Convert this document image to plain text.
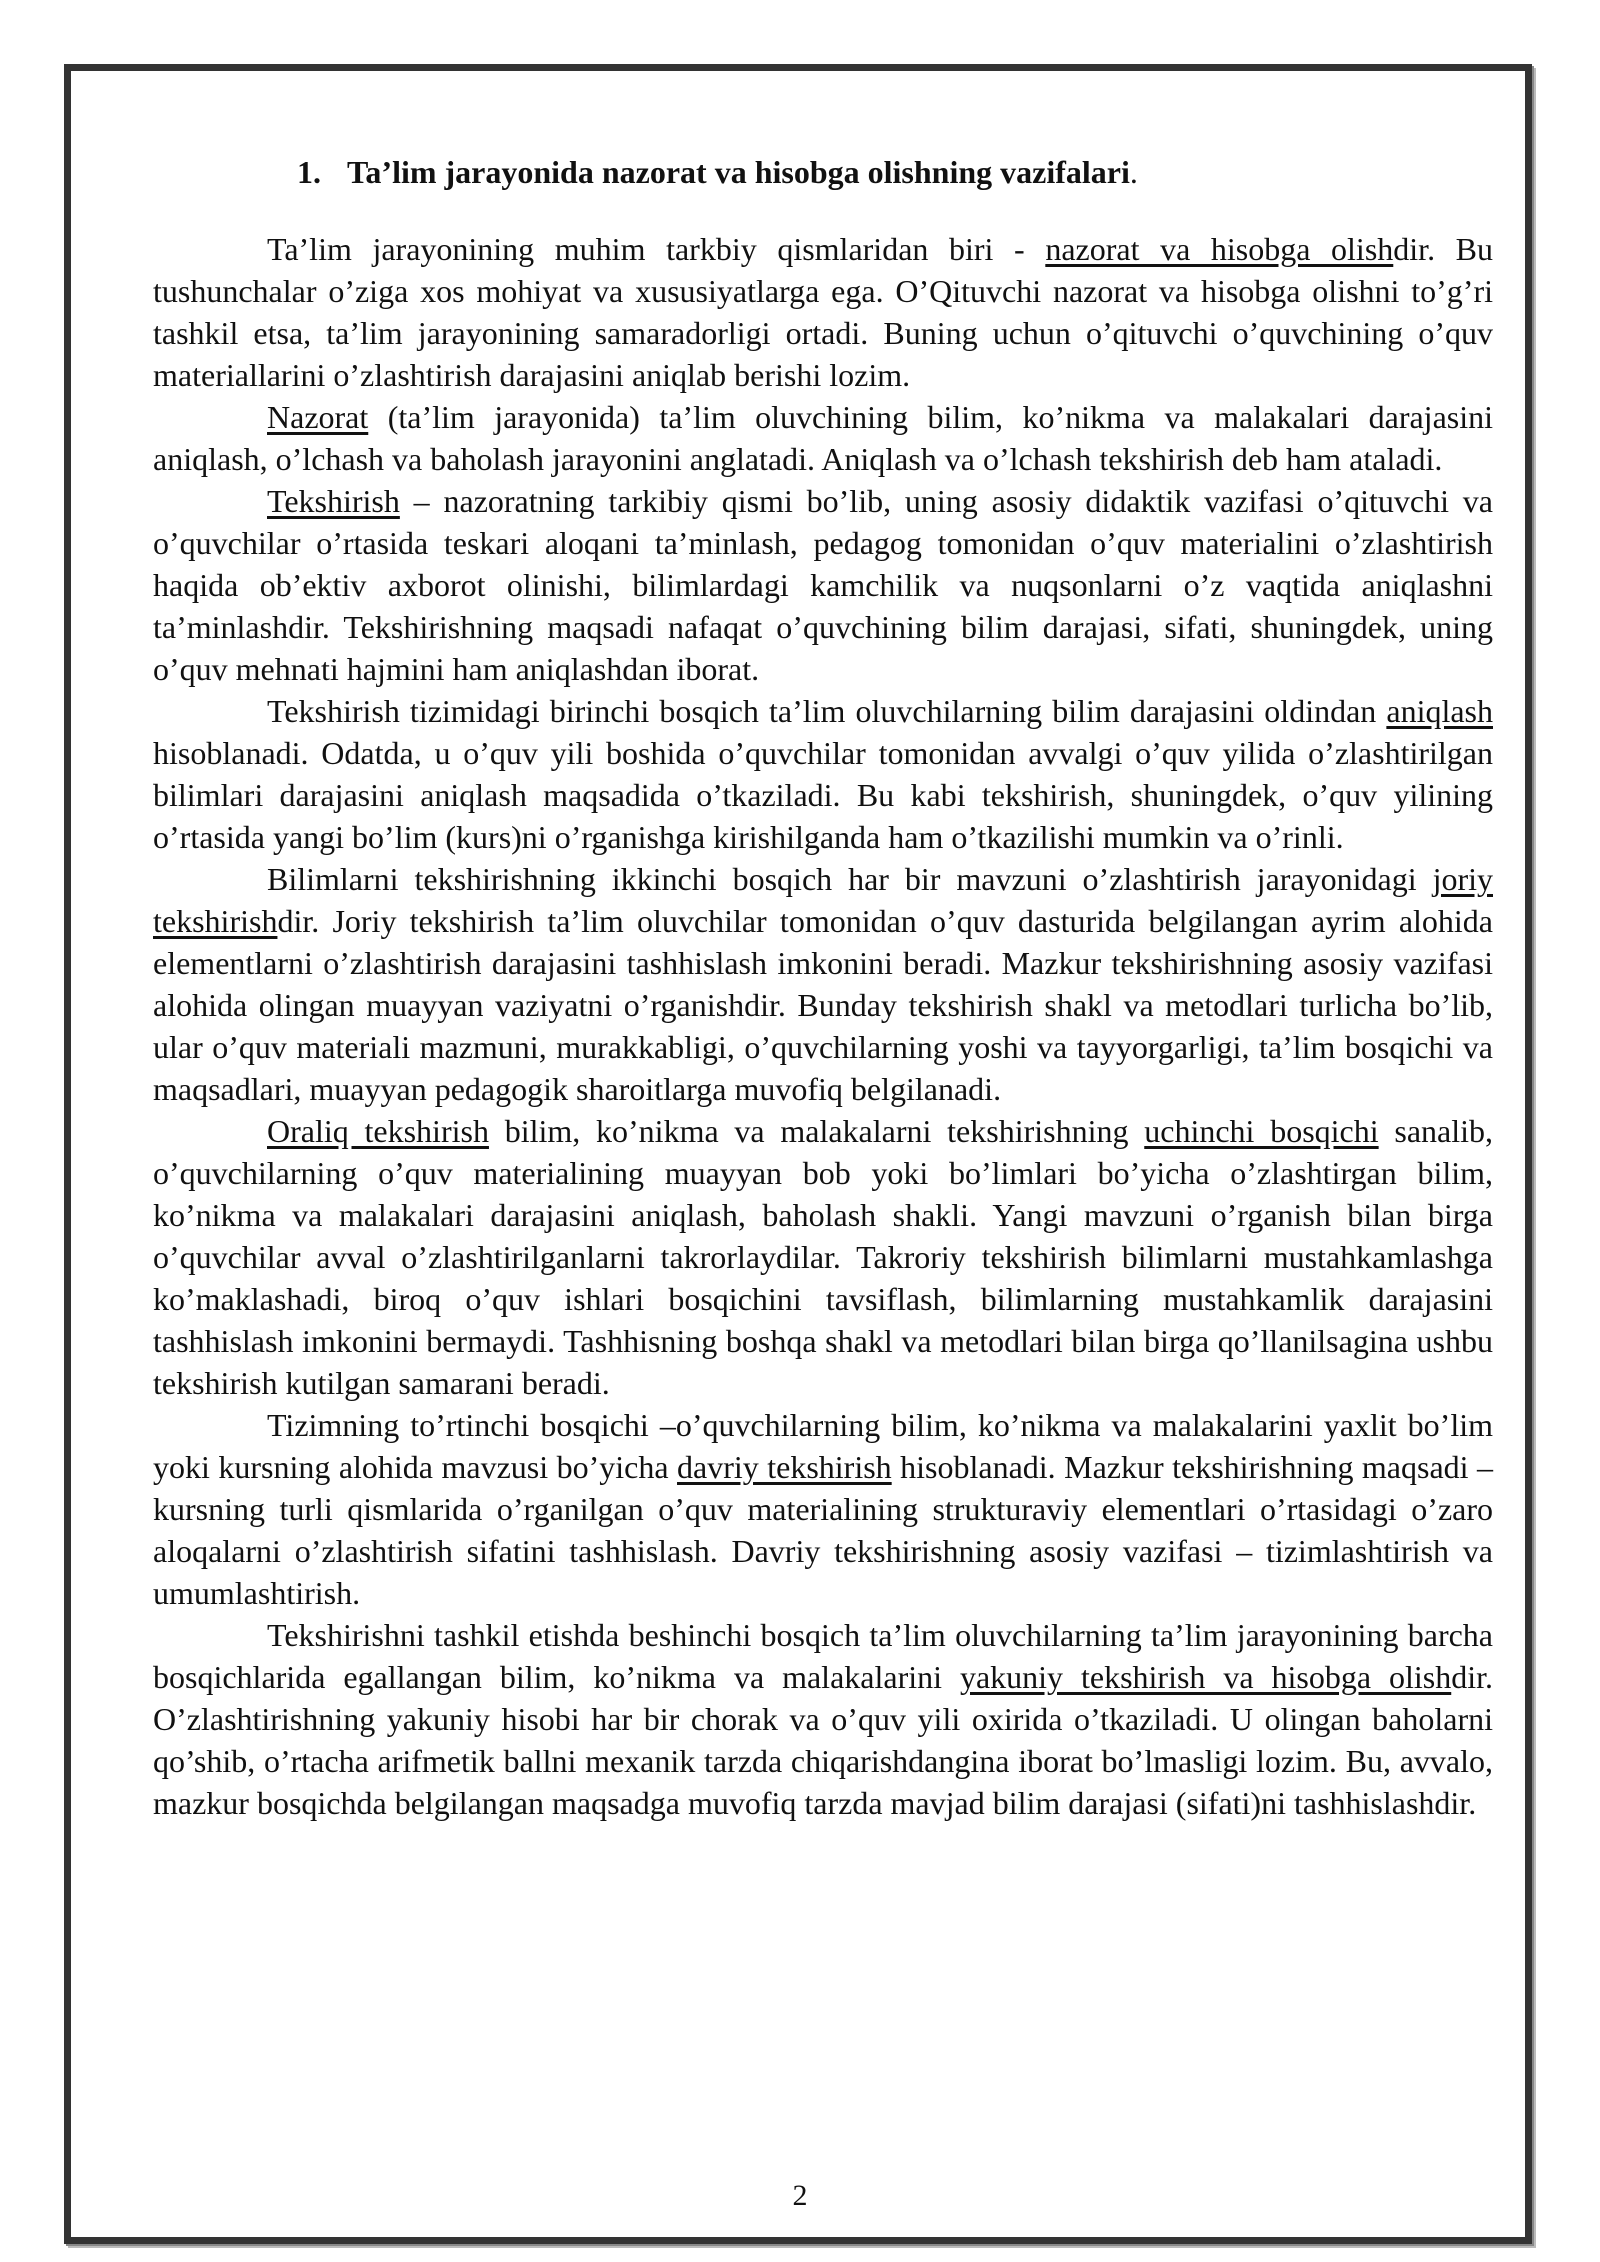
1. Ta’lim jarayonida nazorat va hisobga olishning vazifalari.

Ta’lim jarayonining muhim tarkbiy qismlaridan biri - nazorat va hisobga olishdir. Bu tushunchalar o’ziga xos mohiyat va xususiyatlarga ega. O’Qituvchi nazorat va hisobga olishni to’g’ri tashkil etsa, ta’lim jarayonining samaradorligi ortadi. Buning uchun o’qituvchi o’quvchining o’quv materiallarini o’zlashtirish darajasini aniqlab berishi lozim.

Nazorat (ta’lim jarayonida) ta’lim oluvchining bilim, ko’nikma va malakalari darajasini aniqlash, o’lchash va baholash jarayonini anglatadi. Aniqlash va o’lchash tekshirish deb ham ataladi.

Tekshirish – nazoratning tarkibiy qismi bo’lib, uning asosiy didaktik vazifasi o’qituvchi va o’quvchilar o’rtasida teskari aloqani ta’minlash, pedagog tomonidan o’quv materialini o’zlashtirish haqida ob’ektiv axborot olinishi, bilimlardagi kamchilik va nuqsonlarni o’z vaqtida aniqlashni ta’minlashdir. Tekshirishning maqsadi nafaqat o’quvchining bilim darajasi, sifati, shuningdek, uning o’quv mehnati hajmini ham aniqlashdan iborat.

Tekshirish tizimidagi birinchi bosqich ta’lim oluvchilarning bilim darajasini oldindan aniqlash hisoblanadi. Odatda, u o’quv yili boshida o’quvchilar tomonidan avvalgi o’quv yilida o’zlashtirilgan bilimlari darajasini aniqlash maqsadida o’tkaziladi. Bu kabi tekshirish, shuningdek, o’quv yilining o’rtasida yangi bo’lim (kurs)ni o’rganishga kirishilganda ham o’tkazilishi mumkin va o’rinli.

Bilimlarni tekshirishning ikkinchi bosqich har bir mavzuni o’zlashtirish jarayonidagi joriy tekshirishdir. Joriy tekshirish ta’lim oluvchilar tomonidan o’quv dasturida belgilangan ayrim alohida elementlarni o’zlashtirish darajasini tashhislash imkonini beradi. Mazkur tekshirishning asosiy vazifasi alohida olingan muayyan vaziyatni o’rganishdir. Bunday tekshirish shakl va metodlari turlicha bo’lib, ular o’quv materiali mazmuni, murakkabligi, o’quvchilarning yoshi va tayyorgarligi, ta’lim bosqichi va maqsadlari, muayyan pedagogik sharoitlarga muvofiq belgilanadi.

Oraliq tekshirish bilim, ko’nikma va malakalarni tekshirishning uchinchi bosqichi sanalib, o’quvchilarning o’quv materialining muayyan bob yoki bo’limlari bo’yicha o’zlashtirgan bilim, ko’nikma va malakalari darajasini aniqlash, baholash shakli. Yangi mavzuni o’rganish bilan birga o’quvchilar avval o’zlashtirilganlarni takrorlaydilar. Takroriy tekshirish bilimlarni mustahkamlashga ko’maklashadi, biroq o’quv ishlari bosqichini tavsiflash, bilimlarning mustahkamlik darajasini tashhislash imkonini bermaydi. Tashhisning boshqa shakl va metodlari bilan birga qo’llanilsagina ushbu tekshirish kutilgan samarani beradi.

Tizimning to’rtinchi bosqichi –o’quvchilarning bilim, ko’nikma va malakalarini yaxlit bo’lim yoki kursning alohida mavzusi bo’yicha davriy tekshirish hisoblanadi. Mazkur tekshirishning maqsadi – kursning turli qismlarida o’rganilgan o’quv materialining strukturaviy elementlari o’rtasidagi o’zaro aloqalarni o’zlashtirish sifatini tashhislash. Davriy tekshirishning asosiy vazifasi – tizimlashtirish va umumlashtirish.

Tekshirishni tashkil etishda beshinchi bosqich ta’lim oluvchilarning ta’lim jarayonining barcha bosqichlarida egallangan bilim, ko’nikma va malakalarini yakuniy tekshirish va hisobga olishdir. O’zlashtirishning yakuniy hisobi har bir chorak va o’quv yili oxirida o’tkaziladi. U olingan baholarni qo’shib, o’rtacha arifmetik ballni mexanik tarzda chiqarishdangina iborat bo’lmasligi lozim. Bu, avvalo, mazkur bosqichda belgilangan maqsadga muvofiq tarzda mavjad bilim darajasi (sifati)ni tashhislashdir.

2
